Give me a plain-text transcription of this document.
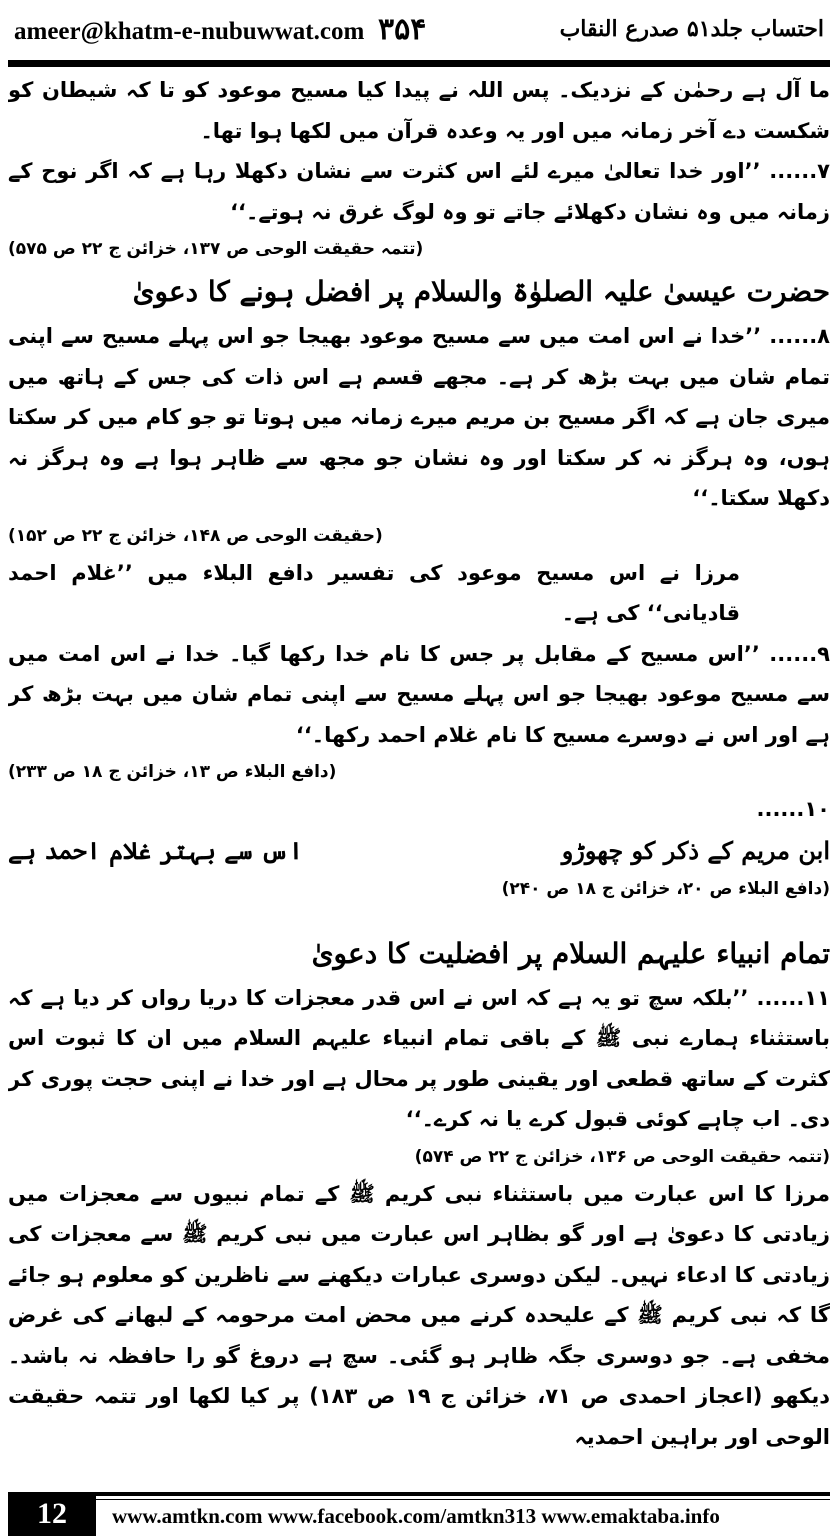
ameer@khatm-e-nubuwwat.com ۳۵۴	احتساب جلد۵۱ صدرع النقاب

ما آل ہے رحمٰن کے نزدیک۔ پس اللہ نے پیدا کیا مسیح موعود کو تا کہ شیطان کو شکست دے آخر زمانہ میں اور یہ وعدہ قرآن میں لکھا ہوا تھا۔

۷...... ’’اور خدا تعالیٰ میرے لئے اس کثرت سے نشان دکھلا رہا ہے کہ اگر نوح کے زمانہ میں وہ نشان دکھلائے جاتے تو وہ لوگ غرق نہ ہوتے۔‘‘

(تتمہ حقیقت الوحی ص ۱۳۷، خزائن ج ۲۲ ص ۵۷۵)

حضرت عیسیٰ علیہ الصلوٰۃ والسلام پر افضل ہونے کا دعویٰ

۸...... ’’خدا نے اس امت میں سے مسیح موعود بھیجا جو اس پہلے مسیح سے اپنی تمام شان میں بہت بڑھ کر ہے۔ مجھے قسم ہے اس ذات کی جس کے ہاتھ میں میری جان ہے کہ اگر مسیح بن مریم میرے زمانہ میں ہوتا تو جو کام میں کر سکتا ہوں، وہ ہرگز نہ کر سکتا اور وہ نشان جو مجھ سے ظاہر ہوا ہے وہ ہرگز نہ دکھلا سکتا۔‘‘

(حقیقت الوحی ص ۱۴۸، خزائن ج ۲۲ ص ۱۵۲)

مرزا نے اس مسیح موعود کی تفسیر دافع البلاء میں ’’غلام احمد قادیانی‘‘ کی ہے۔

۹...... ’’اس مسیح کے مقابل پر جس کا نام خدا رکھا گیا۔ خدا نے اس امت میں سے مسیح موعود بھیجا جو اس پہلے مسیح سے اپنی تمام شان میں بہت بڑھ کر ہے اور اس نے دوسرے مسیح کا نام غلام احمد رکھا۔‘‘

(دافع البلاء ص ۱۳، خزائن ج ۱۸ ص ۲۳۳)

۱۰......

ابن مریم کے ذکر کو چھوڑو
اس سے بہتر غلام احمد ہے

(دافع البلاء ص ۲۰، خزائن ج ۱۸ ص ۲۴۰)

تمام انبیاء علیہم السلام پر افضلیت کا دعویٰ

۱۱...... ’’بلکہ سچ تو یہ ہے کہ اس نے اس قدر معجزات کا دریا رواں کر دیا ہے کہ باستثناء ہمارے نبی ﷺ کے باقی تمام انبیاء علیہم السلام میں ان کا ثبوت اس کثرت کے ساتھ قطعی اور یقینی طور پر محال ہے اور خدا نے اپنی حجت پوری کر دی۔ اب چاہے کوئی قبول کرے یا نہ کرے۔‘‘

(تتمہ حقیقت الوحی ص ۱۳۶، خزائن ج ۲۲ ص ۵۷۴)

مرزا کا اس عبارت میں باستثناء نبی کریم ﷺ کے تمام نبیوں سے معجزات میں زیادتی کا دعویٰ ہے اور گو بظاہر اس عبارت میں نبی کریم ﷺ سے معجزات کی زیادتی کا ادعاء نہیں۔ لیکن دوسری عبارات دیکھنے سے ناظرین کو معلوم ہو جائے گا کہ نبی کریم ﷺ کے علیحدہ کرنے میں محض امت مرحومہ کے لبھانے کی غرض مخفی ہے۔ جو دوسری جگہ ظاہر ہو گئی۔ سچ ہے دروغ گو را حافظہ نہ باشد۔ دیکھو (اعجاز احمدی ص ۷۱، خزائن ج ۱۹ ص ۱۸۳) پر کیا لکھا اور تتمہ حقیقت الوحی اور براہین احمدیہ

12	www.amtkn.com www.facebook.com/amtkn313 www.emaktaba.info
